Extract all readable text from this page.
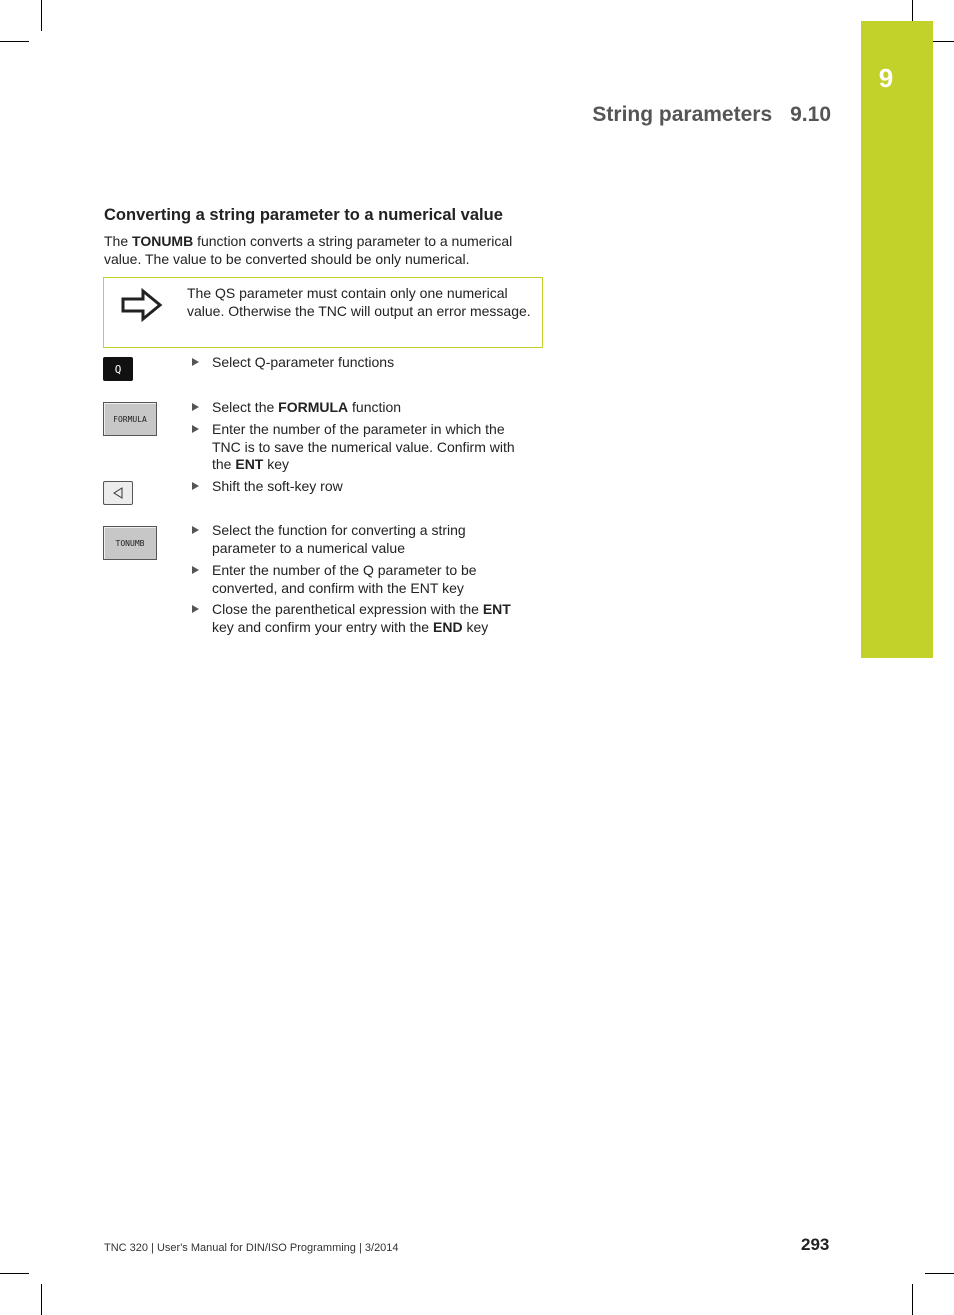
9
String parameters 9.10
Converting a string parameter to a numerical value
The TONUMB function converts a string parameter to a numerical value. The value to be converted should be only numerical.
The QS parameter must contain only one numerical value. Otherwise the TNC will output an error message.
Q
FORMULA
TONUMB
Select Q-parameter functions
Select the FORMULA function
Enter the number of the parameter in which the TNC is to save the numerical value. Confirm with the ENT key
Shift the soft-key row
Select the function for converting a string parameter to a numerical value
Enter the number of the Q parameter to be converted, and confirm with the ENT key
Close the parenthetical expression with the ENT key and confirm your entry with the END key
TNC 320 | User's Manual for DIN/ISO Programming | 3/2014	293
